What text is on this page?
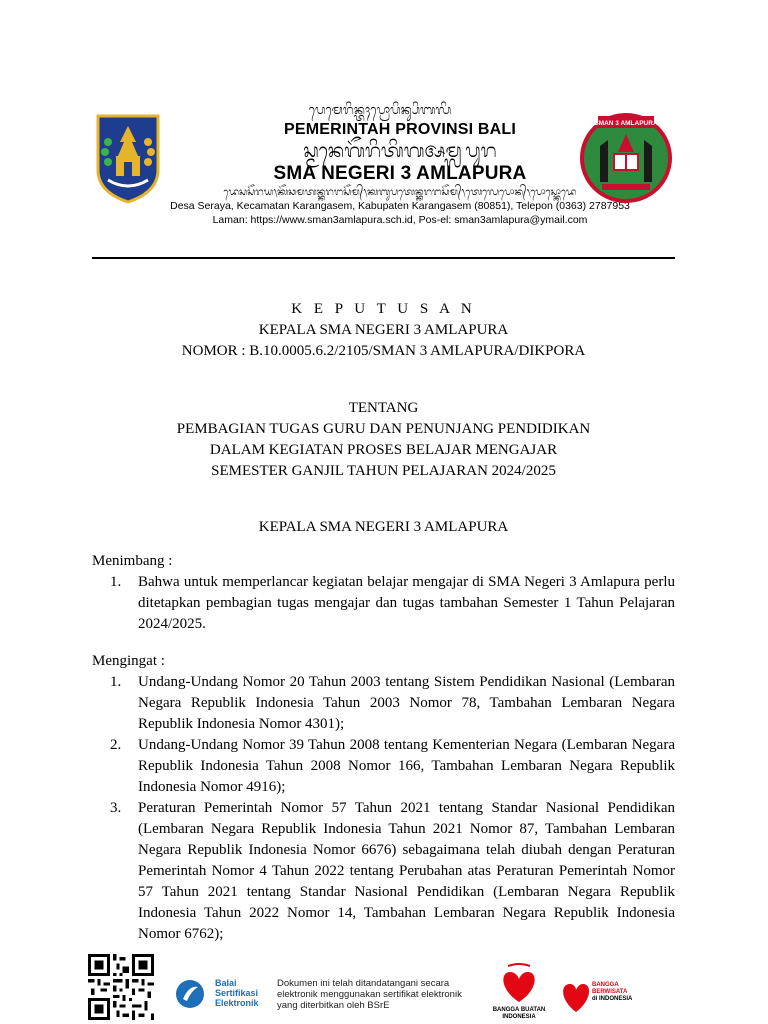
ᬧᬾᬫᬾᬭᬶᬦ᭄ᬢᬄᬧ᭄ᬭᭀᬧᬶᬦ᭄ᬲᬶᬩᬮᬶ
PEMERINTAH PROVINSI BALI
ᬲ᭄ᬫᬦᬾᬕᭂᬭᬶᬢᬶᬕᬅᬫ᭄ᬮᬧᬸᬭ
SMA NEGERI 3 AMLAPURA
ᬤᬾᬲᬲᭂᬭᬬ᭞ᬓᭂᬘᬫᬢᬦ᭄ᬓᬭᬗᬲᭂᬫ᭄᭞ᬓᬩᬸᬧᬢᬾᬦ᭄ᬓᬭᬗᬲᭂᬫ᭄᭞ᬢᬾᬮᬾᬧᭀᬦ᭄᭞ᬧᭀᬲ᭄ᬓᭀᬤᬾ
Desa Seraya, Kecamatan Karangasem, Kabupaten Karangasem (80851), Telepon (0363) 2787953
Laman: https://www.sman3amlapura.sch.id, Pos-el: sman3amlapura@ymail.com
SMAN 3 AMLAPURA
K E P U T U S A N
KEPALA SMA NEGERI 3 AMLAPURA
NOMOR : B.10.0005.6.2/2105/SMAN 3 AMLAPURA/DIKPORA
TENTANG
PEMBAGIAN TUGAS GURU DAN PENUNJANG PENDIDIKAN
DALAM KEGIATAN PROSES BELAJAR MENGAJAR
SEMESTER GANJIL TAHUN PELAJARAN 2024/2025
KEPALA SMA NEGERI 3 AMLAPURA
Menimbang :

1. Bahwa untuk memperlancar kegiatan belajar mengajar di SMA Negeri 3 Amlapura perlu ditetapkan pembagian tugas mengajar dan tugas tambahan Semester 1 Tahun Pelajaran 2024/2025.

Mengingat :

1. Undang-Undang Nomor 20 Tahun 2003 tentang Sistem Pendidikan Nasional (Lembaran Negara Republik Indonesia Tahun 2003 Nomor 78, Tambahan Lembaran Negara Republik Indonesia Nomor 4301);

2. Undang-Undang Nomor 39 Tahun 2008 tentang Kementerian Negara (Lembaran Negara Republik Indonesia Tahun 2008 Nomor 166, Tambahan Lembaran Negara Republik Indonesia Nomor 4916);

3. Peraturan Pemerintah Nomor 57 Tahun 2021 tentang Standar Nasional Pendidikan (Lembaran Negara Republik Indonesia Tahun 2021 Nomor 87, Tambahan Lembaran Negara Republik Indonesia Nomor 6676) sebagaimana telah diubah dengan Peraturan Pemerintah Nomor 4 Tahun 2022 tentang Perubahan atas Peraturan Pemerintah Nomor 57 Tahun 2021 tentang Standar Nasional Pendidikan (Lembaran Negara Republik Indonesia Tahun 2022 Nomor 14, Tambahan Lembaran Negara Republik Indonesia Nomor 6762);

Balai
Sertifikasi
Elektronik
Dokumen ini telah ditandatangani secara
elektronik menggunakan sertifikat elektronik
yang diterbitkan oleh BSrE	BANGGA BUATAN
INDONESIA
BANGGA
BERWISATA
di INDONESIA
